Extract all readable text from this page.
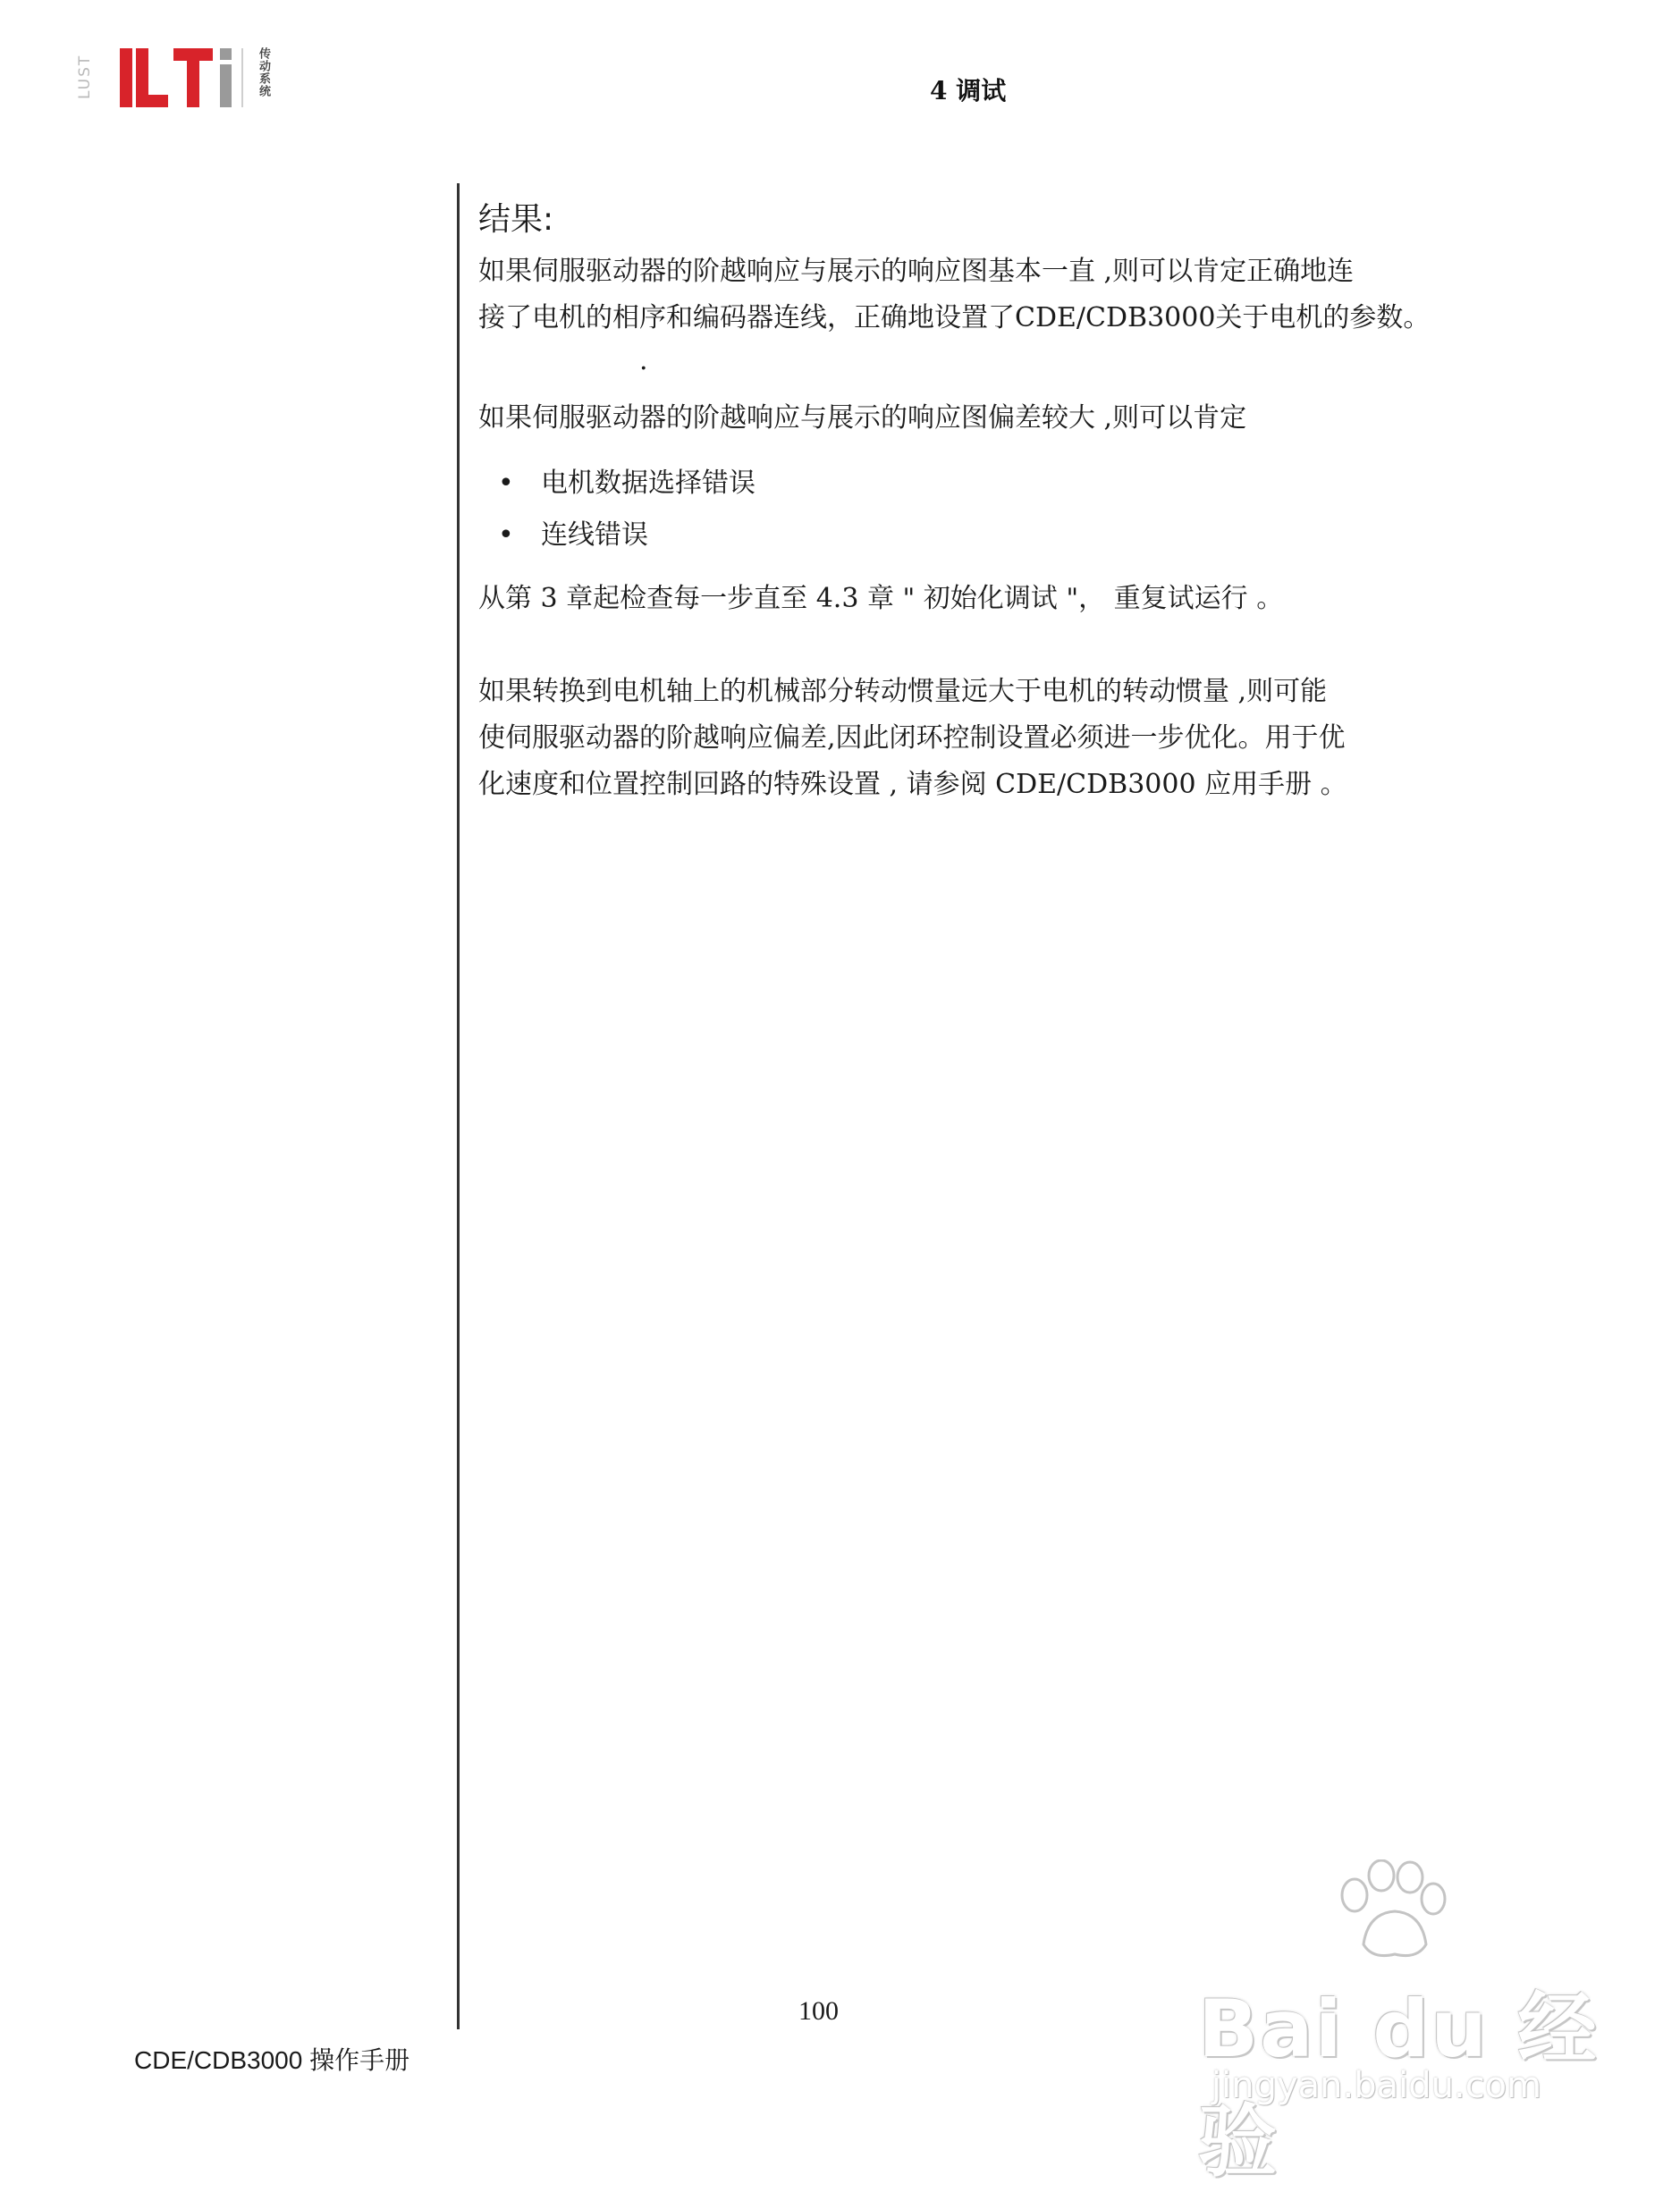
LUST	传动系统	4 调试

结果:

如果伺服驱动器的阶越响应与展示的响应图基本一直 ,则可以肯定正确地连

接了电机的相序和编码器连线，正确地设置了CDE/CDB3000关于电机的参数。

.

如果伺服驱动器的阶越响应与展示的响应图偏差较大 ,则可以肯定

• 电机数据选择错误
• 连线错误

从第 3 章起检查每一步直至 4.3 章 " 初始化调试 "， 重复试运行 。

如果转换到电机轴上的机械部分转动惯量远大于电机的转动惯量 ,则可能

使伺服驱动器的阶越响应偏差,因此闭环控制设置必须进一步优化。用于优

化速度和位置控制回路的特殊设置 , 请参阅 CDE/CDB3000 应用手册 。

100
CDE/CDB3000 操作手册	Bai du 经验
jingyan.baidu.com
